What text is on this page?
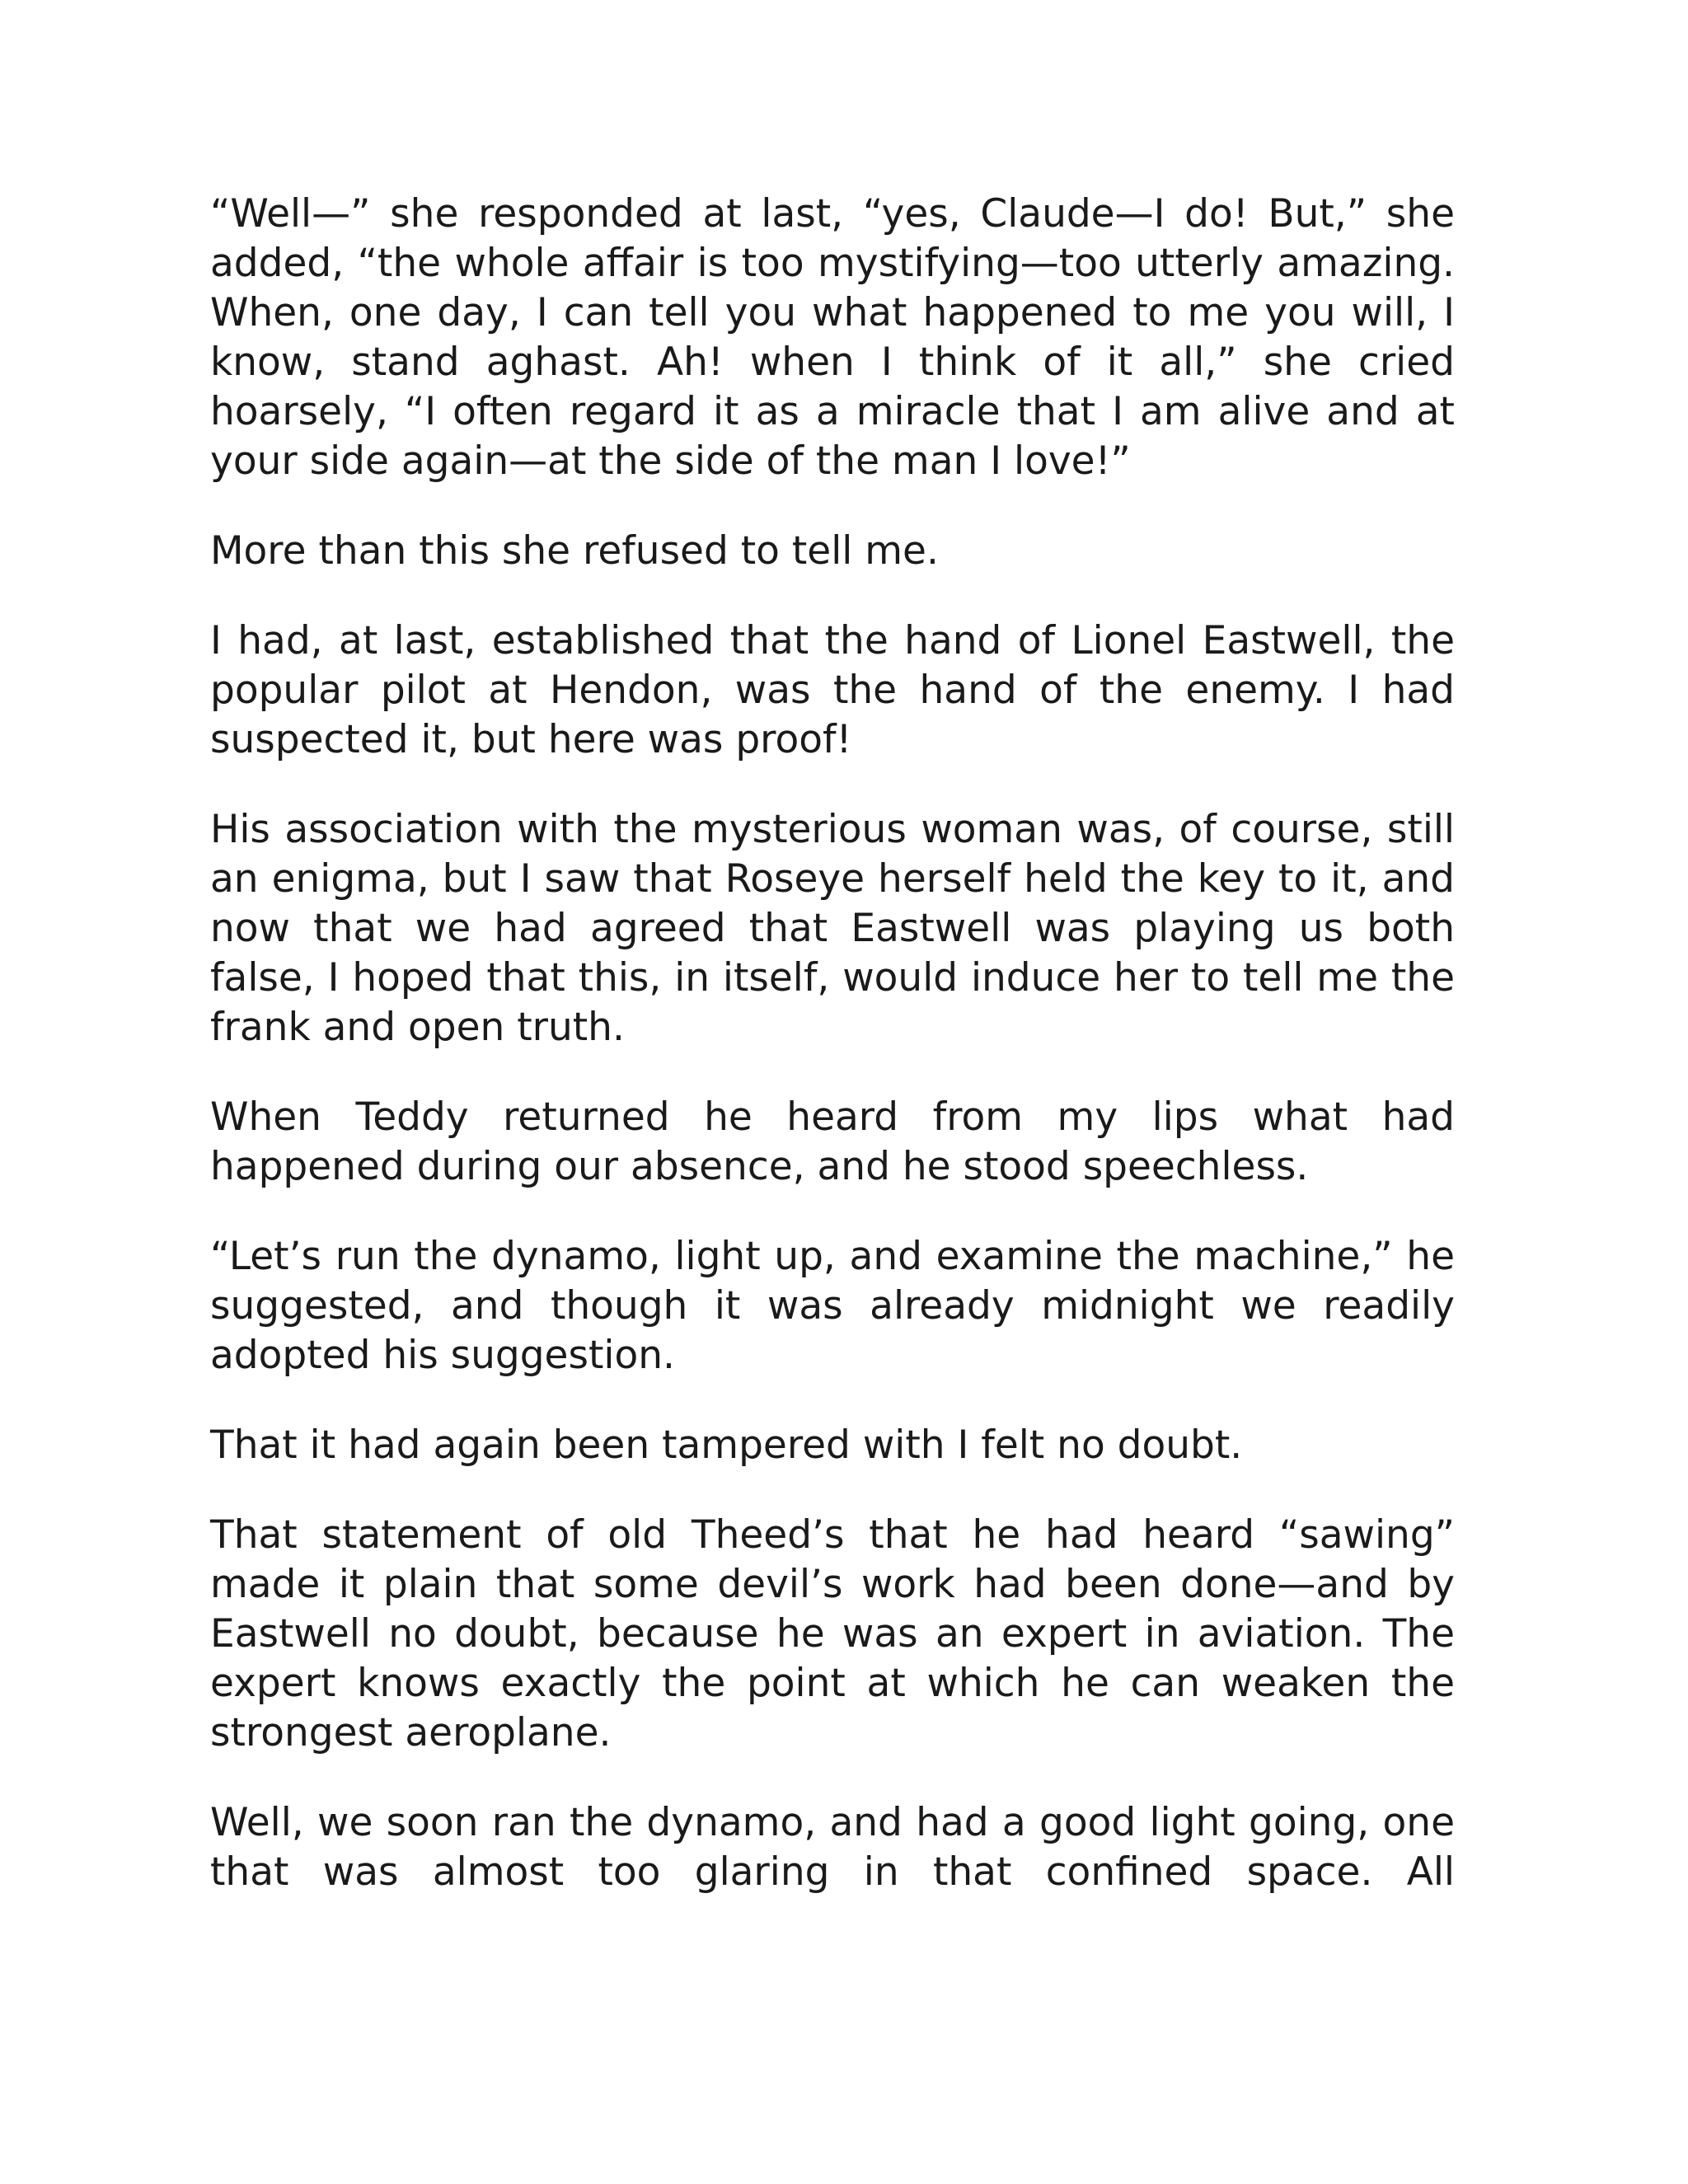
“Well—” she responded at last, “yes, Claude—I do! But,” she added, “the whole affair is too mystifying—too utterly amazing. When, one day, I can tell you what happened to me you will, I know, stand aghast. Ah! when I think of it all,” she cried hoarsely, “I often regard it as a miracle that I am alive and at your side again—at the side of the man I love!”

More than this she refused to tell me.

I had, at last, established that the hand of Lionel Eastwell, the popular pilot at Hendon, was the hand of the enemy. I had suspected it, but here was proof!

His association with the mysterious woman was, of course, still an enigma, but I saw that Roseye herself held the key to it, and now that we had agreed that Eastwell was playing us both false, I hoped that this, in itself, would induce her to tell me the frank and open truth.

When Teddy returned he heard from my lips what had happened during our absence, and he stood speechless.

“Let’s run the dynamo, light up, and examine the machine,” he suggested, and though it was already midnight we readily adopted his suggestion.

That it had again been tampered with I felt no doubt.

That statement of old Theed’s that he had heard “sawing” made it plain that some devil’s work had been done—and by Eastwell no doubt, because he was an expert in aviation. The expert knows exactly the point at which he can weaken the strongest aeroplane.

Well, we soon ran the dynamo, and had a good light going, one that was almost too glaring in that confined space. All
